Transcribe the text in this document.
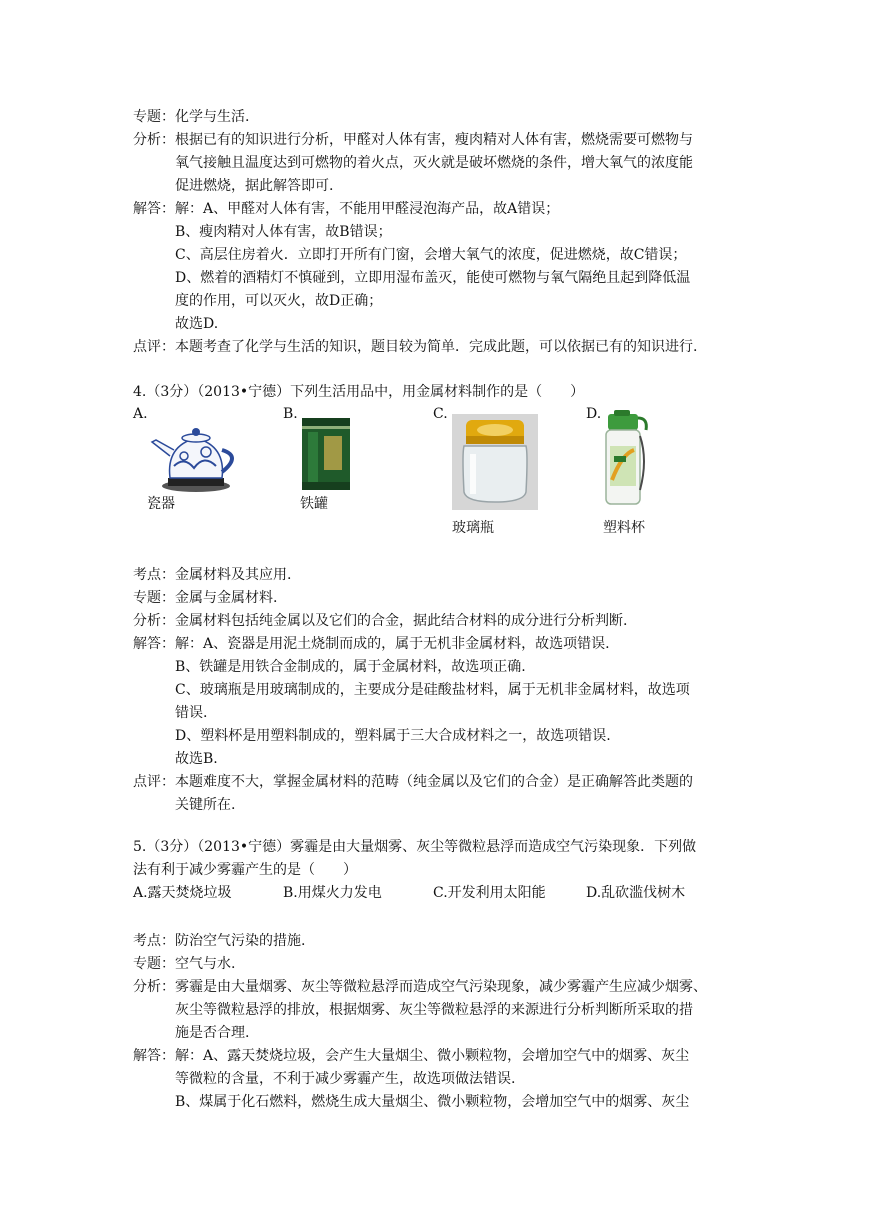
专题： 化学与生活.
分析： 根据已有的知识进行分析，甲醛对人体有害，瘦肉精对人体有害，燃烧需要可燃物与
氧气接触且温度达到可燃物的着火点，灭火就是破坏燃烧的条件，增大氧气的浓度能
促进燃烧，据此解答即可.
解答： 解：A、甲醛对人体有害，不能用甲醛浸泡海产品，故A错误；
B、瘦肉精对人体有害，故B错误；
C、高层住房着火．立即打开所有门窗，会增大氧气的浓度，促进燃烧，故C错误；
D、燃着的酒精灯不慎碰到，立即用湿布盖灭，能使可燃物与氧气隔绝且起到降低温
度的作用，可以灭火，故D正确；
故选D.
点评： 本题考查了化学与生活的知识，题目较为简单．完成此题，可以依据已有的知识进行.
4.（3分）（2013•宁德）下列生活用品中，用金属材料制作的是（　　）
A.
瓷器
B.
铁罐
C.
玻璃瓶
D.
塑料杯
考点： 金属材料及其应用.
专题： 金属与金属材料.
分析： 金属材料包括纯金属以及它们的合金，据此结合材料的成分进行分析判断.
解答： 解：A、瓷器是用泥土烧制而成的，属于无机非金属材料，故选项错误.
B、铁罐是用铁合金制成的，属于金属材料，故选项正确.
C、玻璃瓶是用玻璃制成的，主要成分是硅酸盐材料，属于无机非金属材料，故选项
错误.
D、塑料杯是用塑料制成的，塑料属于三大合成材料之一，故选项错误.
故选B.
点评： 本题难度不大，掌握金属材料的范畴（纯金属以及它们的合金）是正确解答此类题的
关键所在.
5.（3分）（2013•宁德）雾霾是由大量烟雾、灰尘等微粒悬浮而造成空气污染现象．下列做
法有利于减少雾霾产生的是（　　）
A.露天焚烧垃圾	B.用煤火力发电	C.开发利用太阳能	D.乱砍滥伐树木
考点： 防治空气污染的措施.
专题： 空气与水.
分析： 雾霾是由大量烟雾、灰尘等微粒悬浮而造成空气污染现象，减少雾霾产生应减少烟雾、
灰尘等微粒悬浮的排放，根据烟雾、灰尘等微粒悬浮的来源进行分析判断所采取的措
施是否合理.
解答： 解：A、露天焚烧垃圾，会产生大量烟尘、微小颗粒物，会增加空气中的烟雾、灰尘
等微粒的含量，不利于减少雾霾产生，故选项做法错误.
B、煤属于化石燃料，燃烧生成大量烟尘、微小颗粒物，会增加空气中的烟雾、灰尘
